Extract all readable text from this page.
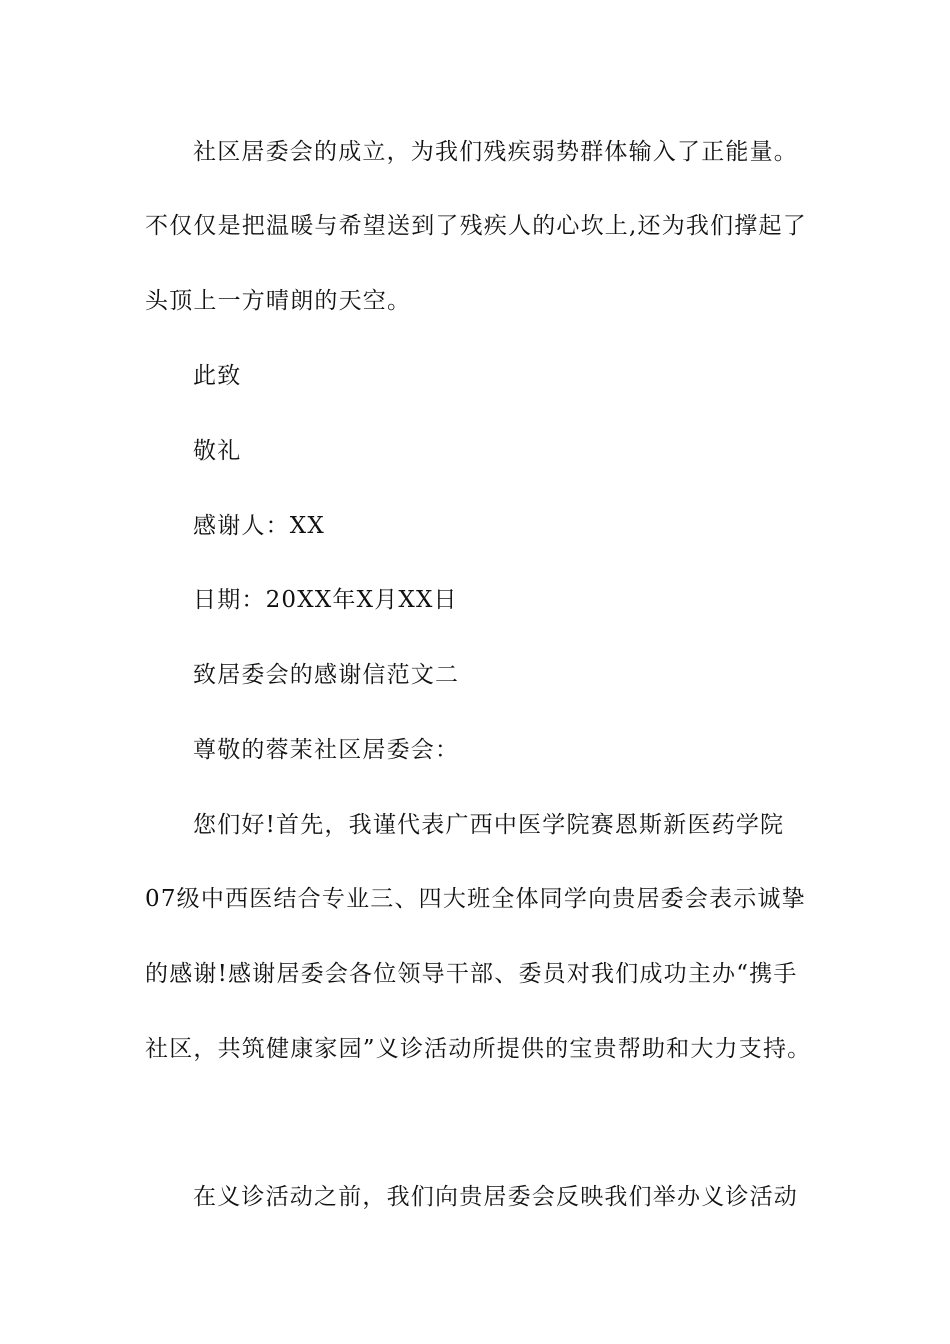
社区居委会的成立，为我们残疾弱势群体输入了正能量。
不仅仅是把温暖与希望送到了残疾人的心坎上,还为我们撑起了
头顶上一方晴朗的天空。
此致
敬礼
感谢人：XX
日期：20XX年X月XX日
致居委会的感谢信范文二
尊敬的蓉茉社区居委会：
您们好!首先，我谨代表广西中医学院赛恩斯新医药学院
07级中西医结合专业三、四大班全体同学向贵居委会表示诚挚
的感谢!感谢居委会各位领导干部、委员对我们成功主办“携手
社区，共筑健康家园”义诊活动所提供的宝贵帮助和大力支持。
在义诊活动之前，我们向贵居委会反映我们举办义诊活动
